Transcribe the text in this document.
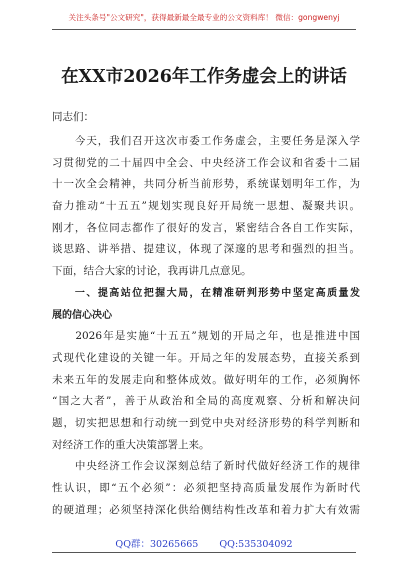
关注头条号"公文研究"，获得最新最全最专业的公文资料库！ 微信：gongwenyj
在XX市2026年工作务虚会上的讲话
同志们：
　　今天，我们召开这次市委工作务虚会，主要任务是深入学
习贯彻党的二十届四中全会、中央经济工作会议和省委十二届
十一次全会精神，共同分析当前形势，系统谋划明年工作，为
奋力推动“十五五”规划实现良好开局统一思想、凝聚共识。
刚才，各位同志都作了很好的发言，紧密结合各自工作实际，
谈思路、讲举措、提建议，体现了深邃的思考和强烈的担当。
下面，结合大家的讨论，我再讲几点意见。
　　一、提高站位把握大局，在精准研判形势中坚定高质量发
展的信心决心
　　2026年是实施“十五五”规划的开局之年，也是推进中国
式现代化建设的关键一年。开局之年的发展态势，直接关系到
未来五年的发展走向和整体成效。做好明年的工作，必须胸怀
“国之大者”，善于从政治和全局的高度观察、分析和解决问
题，切实把思想和行动统一到党中央对经济形势的科学判断和
对经济工作的重大决策部署上来。
　　中央经济工作会议深刻总结了新时代做好经济工作的规律
性认识，即“五个必须”：必须把坚持高质量发展作为新时代
的硬道理；必须坚持深化供给侧结构性改革和着力扩大有效需
QQ群：30265665 QQ:535304092
